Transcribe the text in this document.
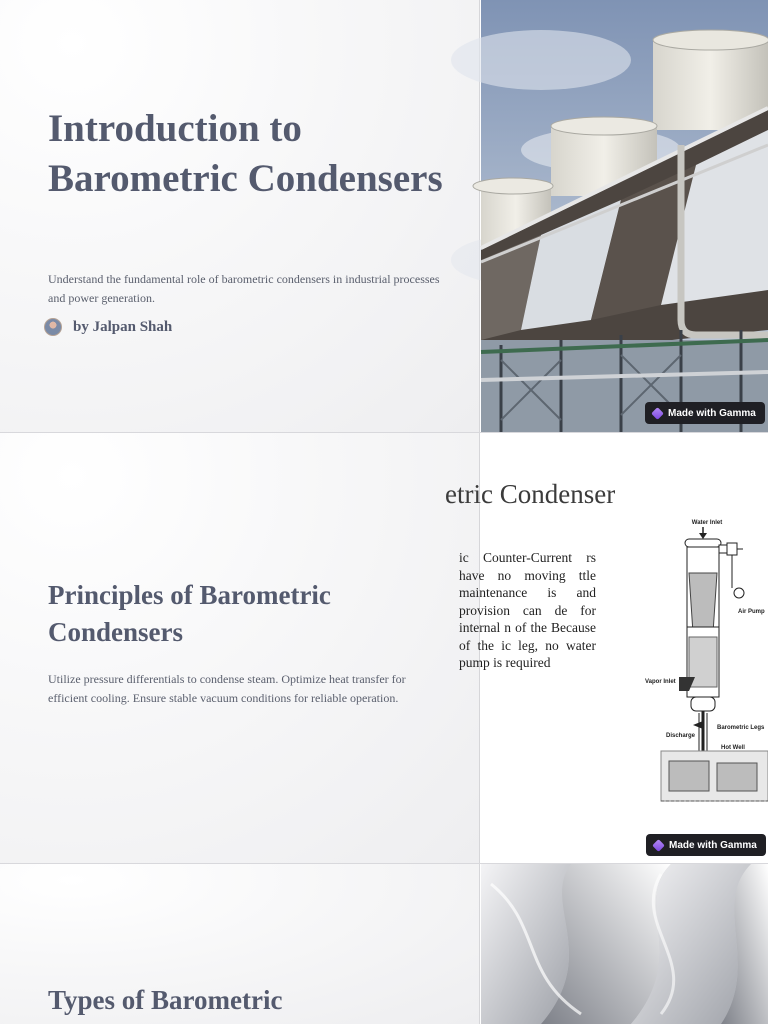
Introduction to Barometric Condensers

Understand the fundamental role of barometric condensers in industrial processes and power generation.

by Jalpan Shah
Made with Gamma
Principles of Barometric Condensers

Utilize pressure differentials to condense steam. Optimize heat transfer for efficient cooling. Ensure stable vacuum conditions for reliable operation.

etric Condenser
ic Counter-Current rs have no moving ttle maintenance is and provision can de for internal n of the Because of the ic leg, no water pump is required
Water Inlet
Air Pump
Vapor Inlet
Discharge
Barometric Legs
Hot Well
Made with Gamma
Types of Barometric
